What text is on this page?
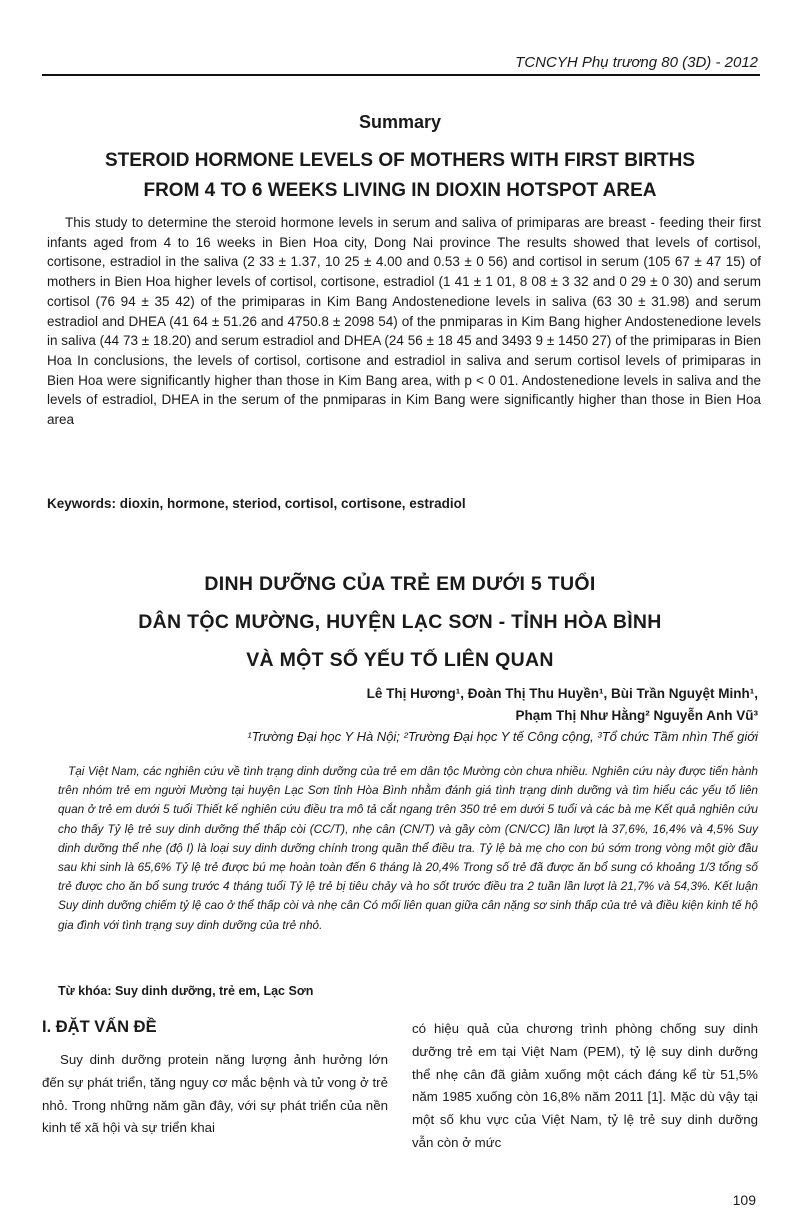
TCNCYH Phụ trương 80 (3D) - 2012
Summary
STEROID HORMONE LEVELS OF MOTHERS WITH FIRST BIRTHS
FROM 4 TO 6 WEEKS LIVING IN DIOXIN HOTSPOT AREA

This study to determine the steroid hormone levels in serum and saliva of primiparas are breast - feeding their first infants aged from 4 to 16 weeks in Bien Hoa city, Dong Nai province The results showed that levels of cortisol, cortisone, estradiol in the saliva (2 33 ± 1.37, 10 25 ± 4.00 and 0.53 ± 0 56) and cortisol in serum (105 67 ± 47 15) of mothers in Bien Hoa higher levels of cortisol, cortisone, estradiol (1 41 ± 1 01, 8 08 ± 3 32 and 0 29 ± 0 30) and serum cortisol (76 94 ± 35 42) of the primiparas in Kim Bang Andostenedione levels in saliva (63 30 ± 31.98) and serum estradiol and DHEA (41 64 ± 51.26 and 4750.8 ± 2098 54) of the pnmiparas in Kim Bang higher Andostenedione levels in saliva (44 73 ± 18.20) and serum estradiol and DHEA (24 56 ± 18 45 and 3493 9 ± 1450 27) of the primiparas in Bien Hoa In conclusions, the levels of cortisol, cortisone and estradiol in saliva and serum cortisol levels of primiparas in Bien Hoa were significantly higher than those in Kim Bang area, with p < 0 01. Andostenedione levels in saliva and the levels of estradiol, DHEA in the serum of the pnmiparas in Kim Bang were significantly higher than those in Bien Hoa area

Keywords: dioxin, hormone, steriod, cortisol, cortisone, estradiol

DINH DƯỠNG CỦA TRẺ EM DƯỚI 5 TUỔI
DÂN TỘC MƯỜNG, HUYỆN LẠC SƠN - TỈNH HÒA BÌNH
VÀ MỘT SỐ YẾU TỐ LIÊN QUAN
Lê Thị Hương¹, Đoàn Thị Thu Huyền¹, Bùi Trần Nguyệt Minh¹,
Phạm Thị Như Hằng² Nguyễn Anh Vũ³
¹Trường Đại học Y Hà Nội; ²Trường Đại học Y tế Công cộng, ³Tổ chức Tầm nhìn Thế giới

Tại Việt Nam, các nghiên cứu về tình trạng dinh dưỡng của trẻ em dân tộc Mường còn chưa nhiều. Nghiên cứu này được tiến hành trên nhóm trẻ em người Mường tại huyện Lạc Sơn tỉnh Hòa Bình nhằm đánh giá tình trạng dinh dưỡng và tìm hiểu các yếu tố liên quan ở trẻ em dưới 5 tuổi Thiết kế nghiên cứu điều tra mô tả cắt ngang trên 350 trẻ em dưới 5 tuổi và các bà mẹ Kết quả nghiên cứu cho thấy Tỷ lệ trẻ suy dinh dưỡng thể thấp còi (CC/T), nhẹ cân (CN/T) và gầy còm (CN/CC) lần lượt là 37,6%, 16,4% và 4,5% Suy dinh dưỡng thể nhẹ (độ I) là loại suy dinh dưỡng chính trong quần thể điều tra. Tỷ lệ bà mẹ cho con bú sớm trong vòng một giờ đầu sau khi sinh là 65,6% Tỷ lệ trẻ được bú mẹ hoàn toàn đến 6 tháng là 20,4% Trong số trẻ đã được ăn bổ sung có khoảng 1/3 tổng số trẻ được cho ăn bổ sung trước 4 tháng tuổi Tỷ lệ trẻ bị tiêu chảy và ho sốt trước điều tra 2 tuần lần lượt là 21,7% và 54,3%. Kết luận Suy dinh dưỡng chiếm tỷ lệ cao ở thể thấp còi và nhẹ cân Có mối liên quan giữa cân nặng sơ sinh thấp của trẻ và điều kiện kinh tế hộ gia đình với tình trạng suy dinh dưỡng của trẻ nhỏ.

Từ khóa: Suy dinh dưỡng, trẻ em, Lạc Sơn

I. ĐẶT VẤN ĐỀ

Suy dinh dưỡng protein năng lượng ảnh hưởng lớn đến sự phát triển, tăng nguy cơ mắc bệnh và tử vong ở trẻ nhỏ. Trong những năm gần đây, với sự phát triển của nền kinh tế xã hội và sự triển khai

có hiệu quả của chương trình phòng chống suy dinh dưỡng trẻ em tại Việt Nam (PEM), tỷ lệ suy dinh dưỡng thể nhẹ cân đã giảm xuống một cách đáng kể từ 51,5% năm 1985 xuống còn 16,8% năm 2011 [1]. Mặc dù vậy tại một số khu vực của Việt Nam, tỷ lệ trẻ suy dinh dưỡng vẫn còn ở mức

109
